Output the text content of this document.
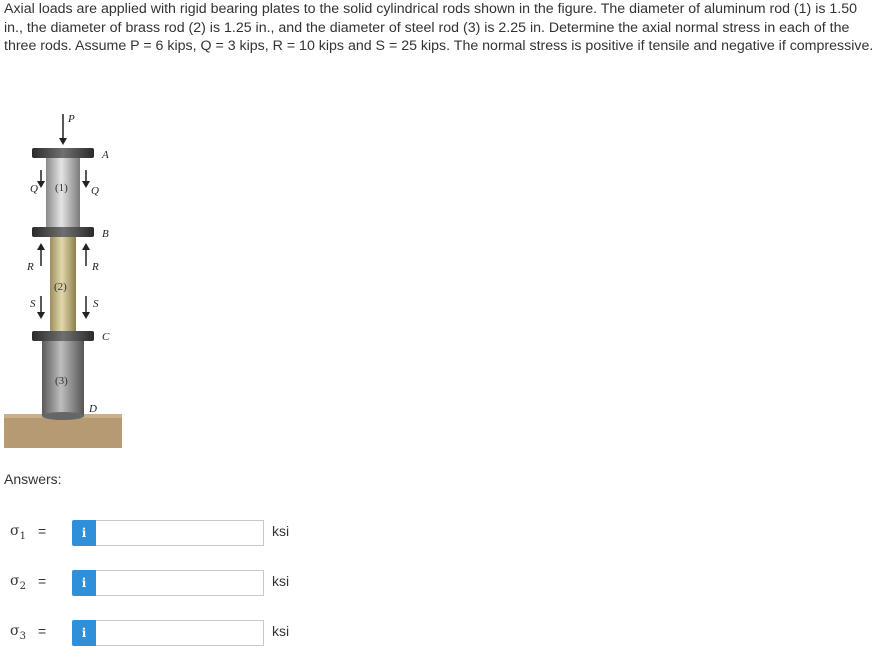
Axial loads are applied with rigid bearing plates to the solid cylindrical rods shown in the figure. The diameter of aluminum rod (1) is 1.50 in., the diameter of brass rod (2) is 1.25 in., and the diameter of steel rod (3) is 2.25 in. Determine the axial normal stress in each of the three rods. Assume P = 6 kips, Q = 3 kips, R = 10 kips and S = 25 kips. The normal stress is positive if tensile and negative if compressive.
P
A
Q (1) Q
B
R	R
(2)
S	S
C
(3)
D
Answers:
$\sigma_1$ =	i	ksi
$\sigma_2$ =	i	ksi
$\sigma_3$ =	i	ksi
